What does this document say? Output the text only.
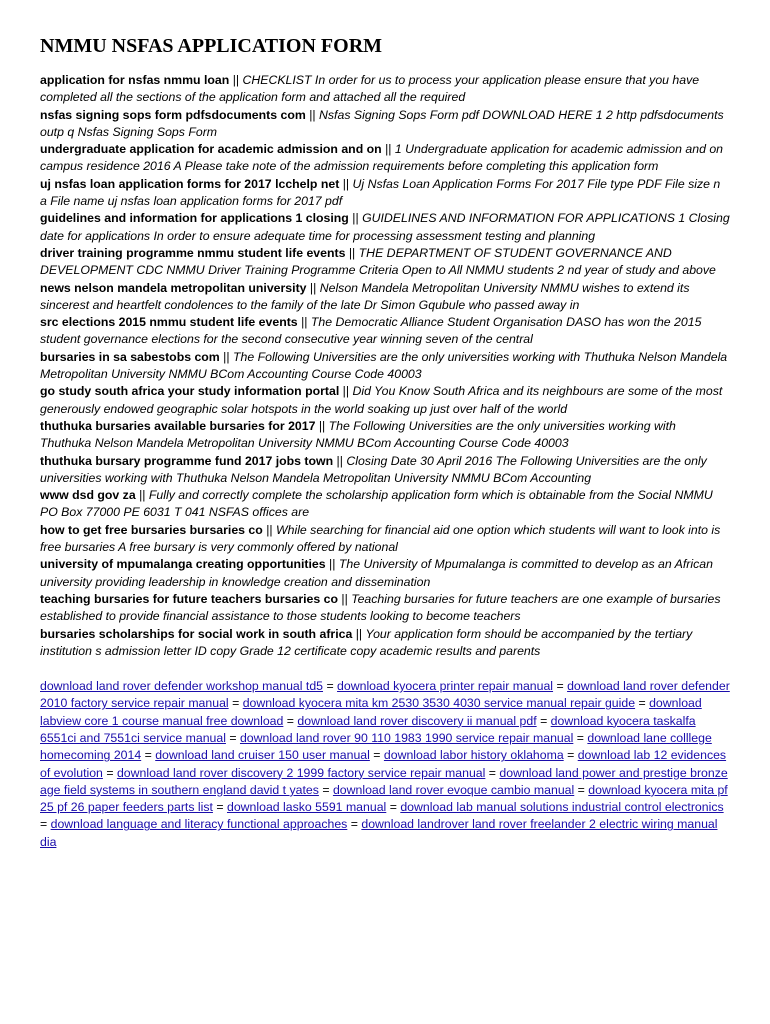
NMMU NSFAS APPLICATION FORM

application for nsfas nmmu loan || CHECKLIST In order for us to process your application please ensure that you have completed all the sections of the application form and attached all the required

nsfas signing sops form pdfsdocuments com || Nsfas Signing Sops Form pdf DOWNLOAD HERE 1 2 http pdfsdocuments outp q Nsfas Signing Sops Form

undergraduate application for academic admission and on || 1 Undergraduate application for academic admission and on campus residence 2016 A Please take note of the admission requirements before completing this application form

uj nsfas loan application forms for 2017 lcchelp net || Uj Nsfas Loan Application Forms For 2017 File type PDF File size n a File name uj nsfas loan application forms for 2017 pdf

guidelines and information for applications 1 closing || GUIDELINES AND INFORMATION FOR APPLICATIONS 1 Closing date for applications In order to ensure adequate time for processing assessment testing and planning

driver training programme nmmu student life events || THE DEPARTMENT OF STUDENT GOVERNANCE AND DEVELOPMENT CDC NMMU Driver Training Programme Criteria Open to All NMMU students 2 nd year of study and above

news nelson mandela metropolitan university || Nelson Mandela Metropolitan University NMMU wishes to extend its sincerest and heartfelt condolences to the family of the late Dr Simon Gqubule who passed away in

src elections 2015 nmmu student life events || The Democratic Alliance Student Organisation DASO has won the 2015 student governance elections for the second consecutive year winning seven of the central

bursaries in sa sabestobs com || The Following Universities are the only universities working with Thuthuka Nelson Mandela Metropolitan University NMMU BCom Accounting Course Code 40003

go study south africa your study information portal || Did You Know South Africa and its neighbours are some of the most generously endowed geographic solar hotspots in the world soaking up just over half of the world

thuthuka bursaries available bursaries for 2017 || The Following Universities are the only universities working with Thuthuka Nelson Mandela Metropolitan University NMMU BCom Accounting Course Code 40003

thuthuka bursary programme fund 2017 jobs town || Closing Date 30 April 2016 The Following Universities are the only universities working with Thuthuka Nelson Mandela Metropolitan University NMMU BCom Accounting

www dsd gov za || Fully and correctly complete the scholarship application form which is obtainable from the Social NMMU PO Box 77000 PE 6031 T 041 NSFAS offices are

how to get free bursaries bursaries co || While searching for financial aid one option which students will want to look into is free bursaries A free bursary is very commonly offered by national

university of mpumalanga creating opportunities || The University of Mpumalanga is committed to develop as an African university providing leadership in knowledge creation and dissemination

teaching bursaries for future teachers bursaries co || Teaching bursaries for future teachers are one example of bursaries established to provide financial assistance to those students looking to become teachers

bursaries scholarships for social work in south africa || Your application form should be accompanied by the tertiary institution s admission letter ID copy Grade 12 certificate copy academic results and parents

download land rover defender workshop manual td5 = download kyocera printer repair manual = download land rover defender 2010 factory service repair manual = download kyocera mita km 2530 3530 4030 service manual repair guide = download labview core 1 course manual free download = download land rover discovery ii manual pdf = download kyocera taskalfa 6551ci and 7551ci service manual = download land rover 90 110 1983 1990 service repair manual = download lane colllege homecoming 2014 = download land cruiser 150 user manual = download labor history oklahoma = download lab 12 evidences of evolution = download land rover discovery 2 1999 factory service repair manual = download land power and prestige bronze age field systems in southern england david t yates = download land rover evoque cambio manual = download kyocera mita pf 25 pf 26 paper feeders parts list = download lasko 5591 manual = download lab manual solutions industrial control electronics = download language and literacy functional approaches = download landrover land rover freelander 2 electric wiring manual dia
